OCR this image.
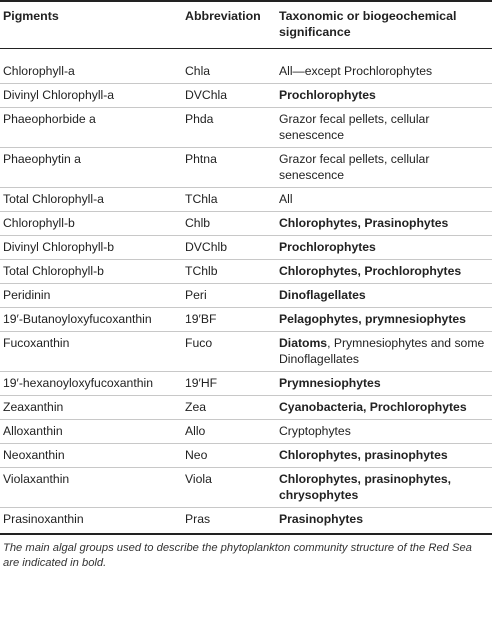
Pigments	Abbreviation	Taxonomic or biogeochemical significance
Chlorophyll-a	Chla	All—except Prochlorophytes
Divinyl Chlorophyll-a	DVChla	Prochlorophytes
Phaeophorbide a	Phda	Grazor fecal pellets, cellular senescence
Phaeophytin a	Phtna	Grazor fecal pellets, cellular senescence
Total Chlorophyll-a	TChla	All
Chlorophyll-b	Chlb	Chlorophytes, Prasinophytes
Divinyl Chlorophyll-b	DVChlb	Prochlorophytes
Total Chlorophyll-b	TChlb	Chlorophytes, Prochlorophytes
Peridinin	Peri	Dinoflagellates
19′-Butanoyloxyfucoxanthin	19′BF	Pelagophytes, prymnesiophytes
Fucoxanthin	Fuco	Diatoms, Prymnesiophytes and some Dinoflagellates
19′-hexanoyloxyfucoxanthin	19′HF	Prymnesiophytes
Zeaxanthin	Zea	Cyanobacteria, Prochlorophytes
Alloxanthin	Allo	Cryptophytes
Neoxanthin	Neo	Chlorophytes, prasinophytes
Violaxanthin	Viola	Chlorophytes, prasinophytes, chrysophytes
Prasinoxanthin	Pras	Prasinophytes
The main algal groups used to describe the phytoplankton community structure of the Red Sea are indicated in bold.
